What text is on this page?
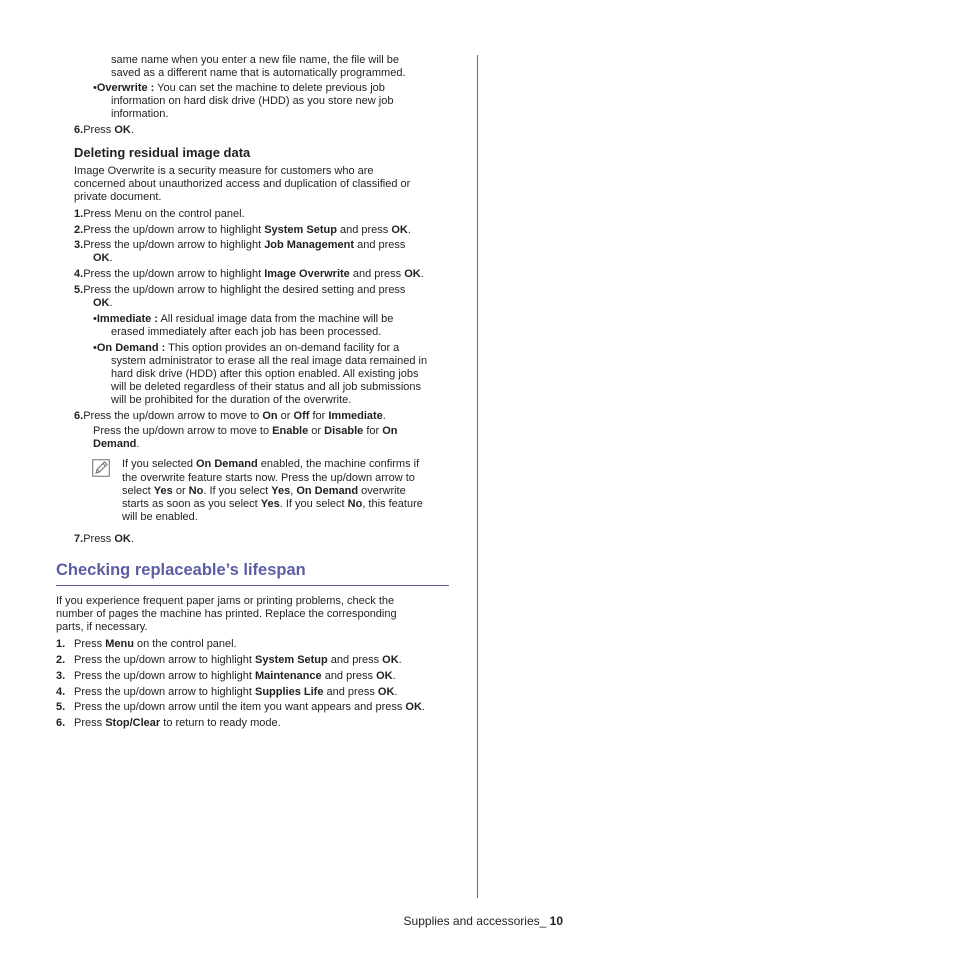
same name when you enter a new file name, the file will be
saved as a different name that is automatically programmed.
•Overwrite : You can set the machine to delete previous job
information on hard disk drive (HDD) as you store new job
information.
6.Press OK.
Deleting residual image data
Image Overwrite is a security measure for customers who are
concerned about unauthorized access and duplication of classified or
private document.
1.Press Menu on the control panel.
2.Press the up/down arrow to highlight System Setup and press OK.
3.Press the up/down arrow to highlight Job Management and press
OK.
4.Press the up/down arrow to highlight Image Overwrite and press OK.
5.Press the up/down arrow to highlight the desired setting and press
OK.
•Immediate : All residual image data from the machine will be
erased immediately after each job has been processed.
•On Demand : This option provides an on-demand facility for a
system administrator to erase all the real image data remained in
hard disk drive (HDD) after this option enabled. All existing jobs
will be deleted regardless of their status and all job submissions
will be prohibited for the duration of the overwrite.
6.Press the up/down arrow to move to On or Off for Immediate.
Press the up/down arrow to move to Enable or Disable for On
Demand.
If you selected On Demand enabled, the machine confirms if
the overwrite feature starts now. Press the up/down arrow to
select Yes or No. If you select Yes, On Demand overwrite
starts as soon as you select Yes. If you select No, this feature
will be enabled.
7.Press OK.
Checking replaceable’s lifespan
If you experience frequent paper jams or printing problems, check the
number of pages the machine has printed. Replace the corresponding
parts, if necessary.
1. Press Menu on the control panel.
2. Press the up/down arrow to highlight System Setup and press OK.
3. Press the up/down arrow to highlight Maintenance and press OK.
4. Press the up/down arrow to highlight Supplies Life and press OK.
5. Press the up/down arrow until the item you want appears and press OK.
6. Press Stop/Clear to return to ready mode.
Supplies and accessories_ 10
